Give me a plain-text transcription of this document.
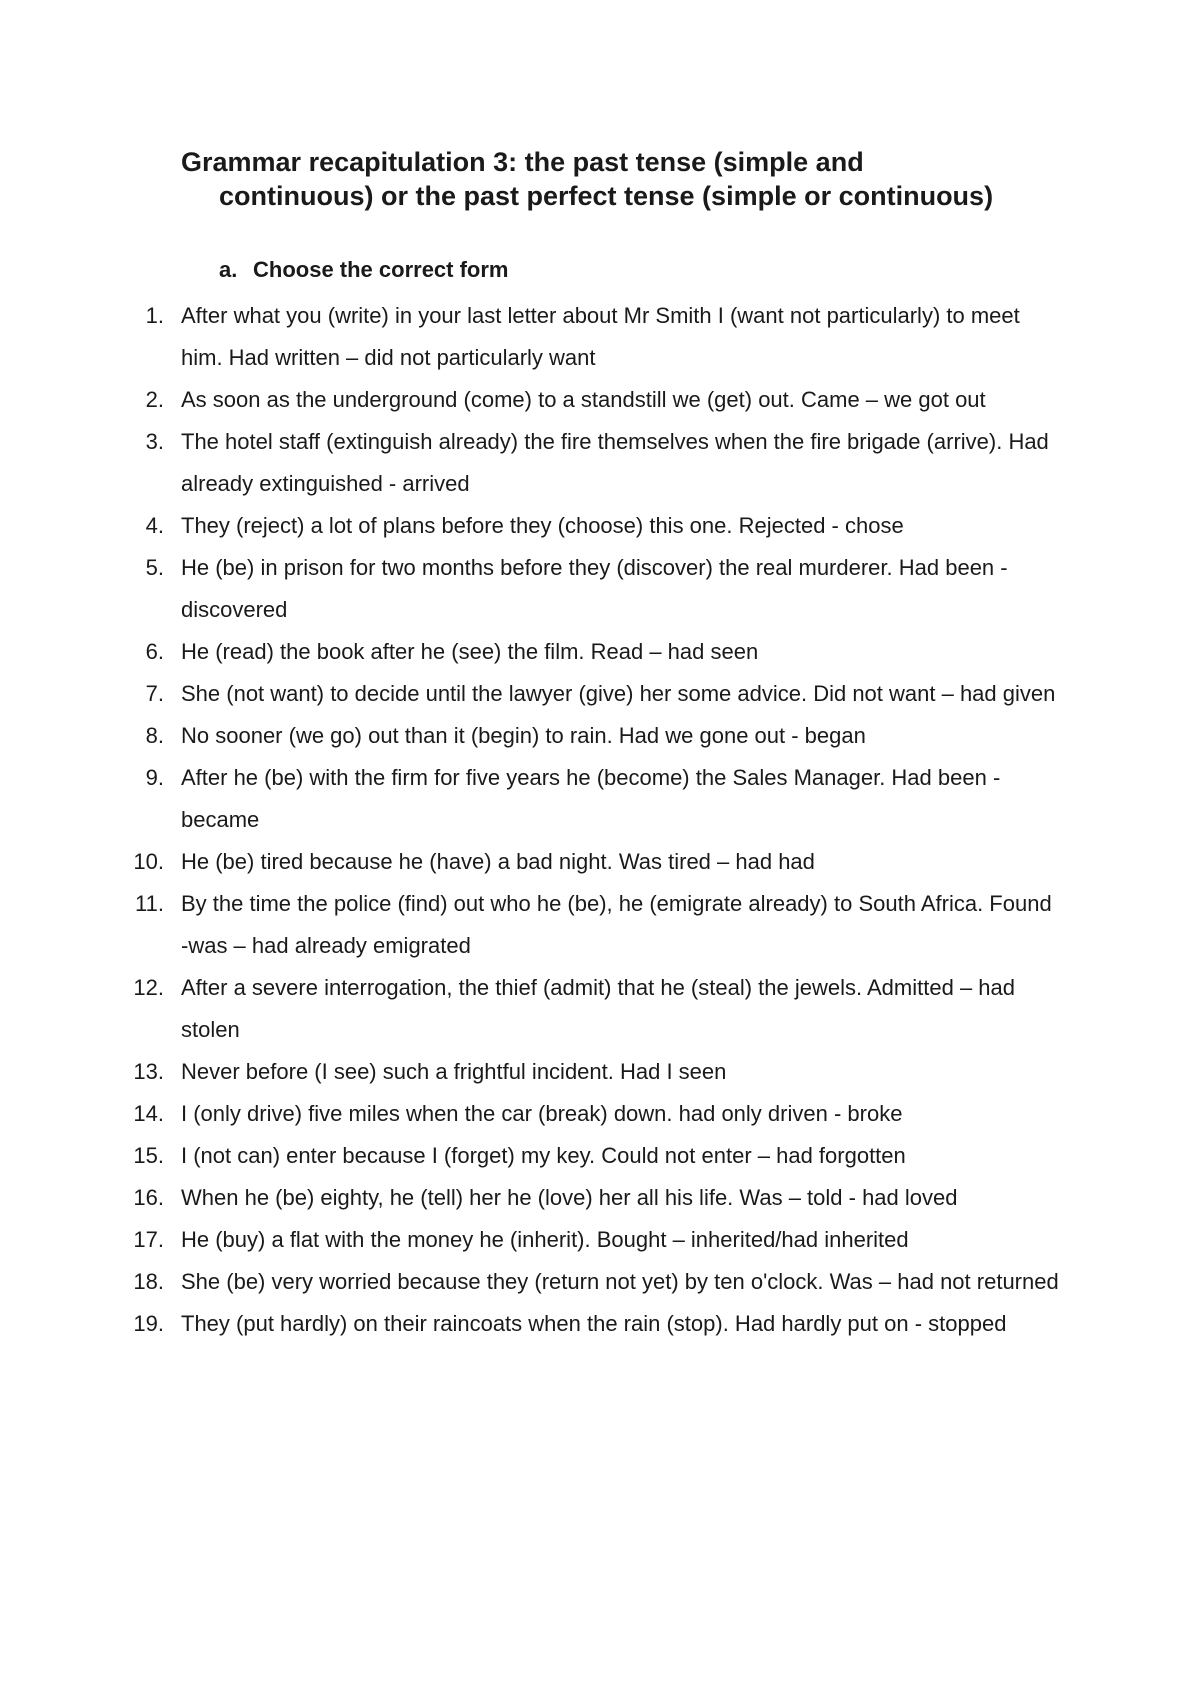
Grammar recapitulation 3: the past tense (simple and
continuous) or the past perfect tense (simple or continuous)
a. Choose the correct form
1. After what you (write) in your last letter about Mr Smith I (want not particularly) to meet him. Had written – did not particularly want
2. As soon as the underground (come) to a standstill we (get) out. Came – we got out
3. The hotel staff (extinguish already) the fire themselves when the fire brigade (arrive). Had already extinguished - arrived
4. They (reject) a lot of plans before they (choose) this one. Rejected - chose
5. He (be) in prison for two months before they (discover) the real murderer. Had been - discovered
6. He (read) the book after he (see) the film. Read – had seen
7. She (not want) to decide until the lawyer (give) her some advice. Did not want – had given
8. No sooner (we go) out than it (begin) to rain. Had we gone out - began
9. After he (be) with the firm for five years he (become) the Sales Manager. Had been - became
10. He (be) tired because he (have) a bad night. Was tired – had had
11. By the time the police (find) out who he (be), he (emigrate already) to South Africa. Found -was – had already emigrated
12. After a severe interrogation, the thief (admit) that he (steal) the jewels. Admitted – had stolen
13. Never before (I see) such a frightful incident. Had I seen
14. I (only drive) five miles when the car (break) down. had only driven - broke
15. I (not can) enter because I (forget) my key. Could not enter – had forgotten
16. When he (be) eighty, he (tell) her he (love) her all his life. Was – told - had loved
17. He (buy) a flat with the money he (inherit). Bought – inherited/had inherited
18. She (be) very worried because they (return not yet) by ten o'clock. Was – had not returned
19. They (put hardly) on their raincoats when the rain (stop). Had hardly put on - stopped
